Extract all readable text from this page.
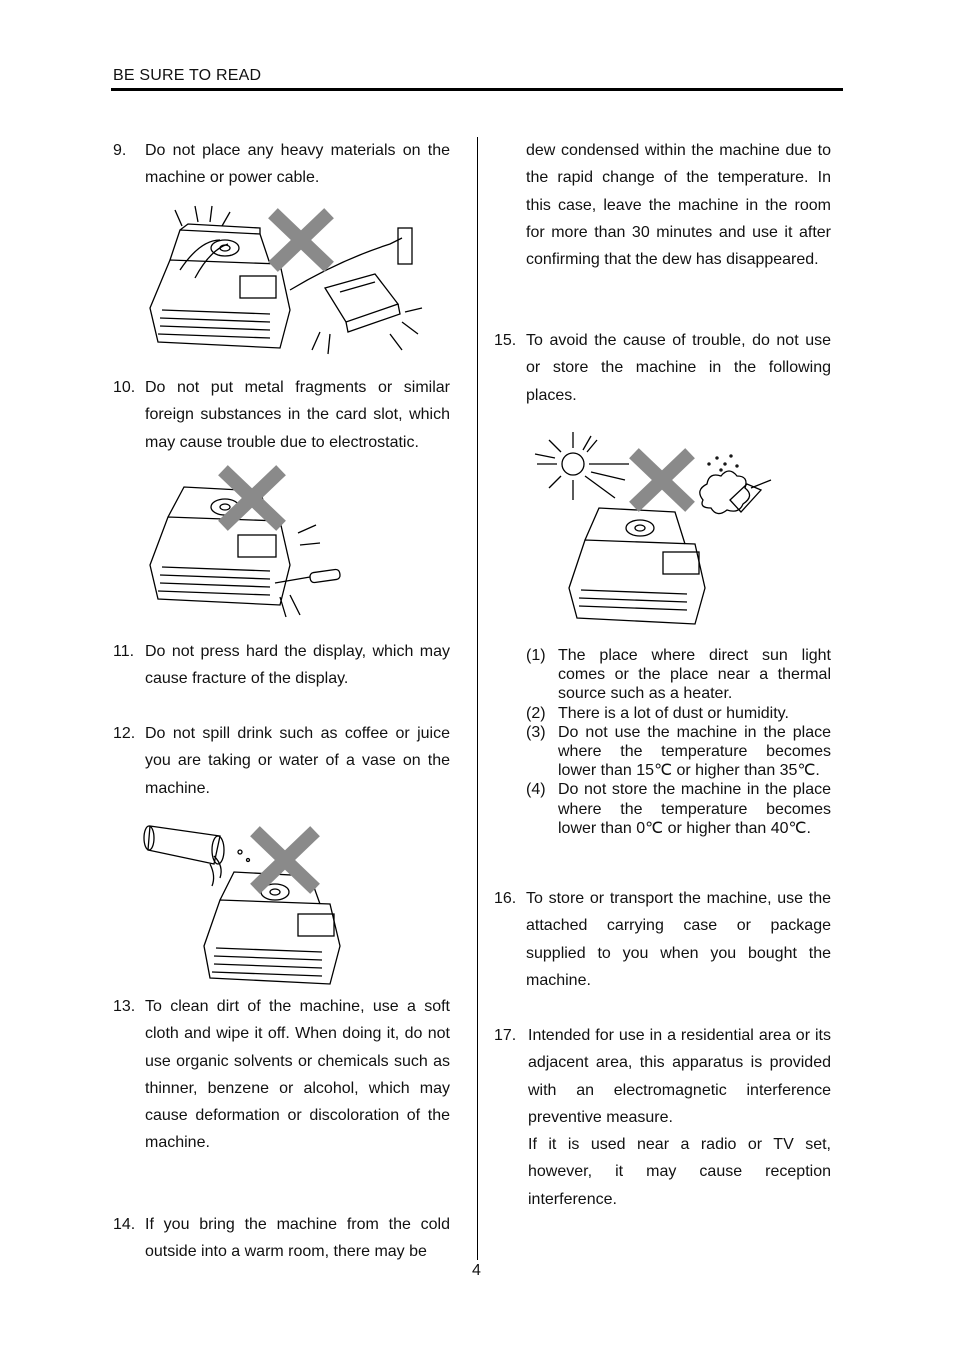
BE SURE TO READ
4
9. Do not place any heavy materials on the machine or power cable.
10. Do not put metal fragments or similar foreign substances in the card slot, which may cause trouble due to electrostatic.
11. Do not press hard the display, which may cause fracture of the display.
12. Do not spill drink such as coffee or juice you are taking or water of a vase on the machine.
13. To clean dirt of the machine, use a soft cloth and wipe it off. When doing it, do not use organic solvents or chemicals such as thinner, benzene or alcohol, which may cause deformation or discoloration of the machine.
14. If you bring the machine from the cold outside into a warm room, there may be
dew condensed within the machine due to the rapid change of the temperature. In this case, leave the machine in the room for more than 30 minutes and use it after confirming that the dew has disappeared.
15. To avoid the cause of trouble, do not use or store the machine in the following places.
(1) The place where direct sun light comes or the place near a thermal source such as a heater.
(2) There is a lot of dust or humidity.
(3) Do not use the machine in the place where the temperature becomes lower than 15℃ or higher than 35℃.
(4) Do not store the machine in the place where the temperature becomes lower than 0℃ or higher than 40℃.
16. To store or transport the machine, use the attached carrying case or package supplied to you when you bought the machine.
17. Intended for use in a residential area or its adjacent area, this apparatus is provided with an electromagnetic interference preventive measure.
If it is used near a radio or TV set, however, it may cause reception interference.
